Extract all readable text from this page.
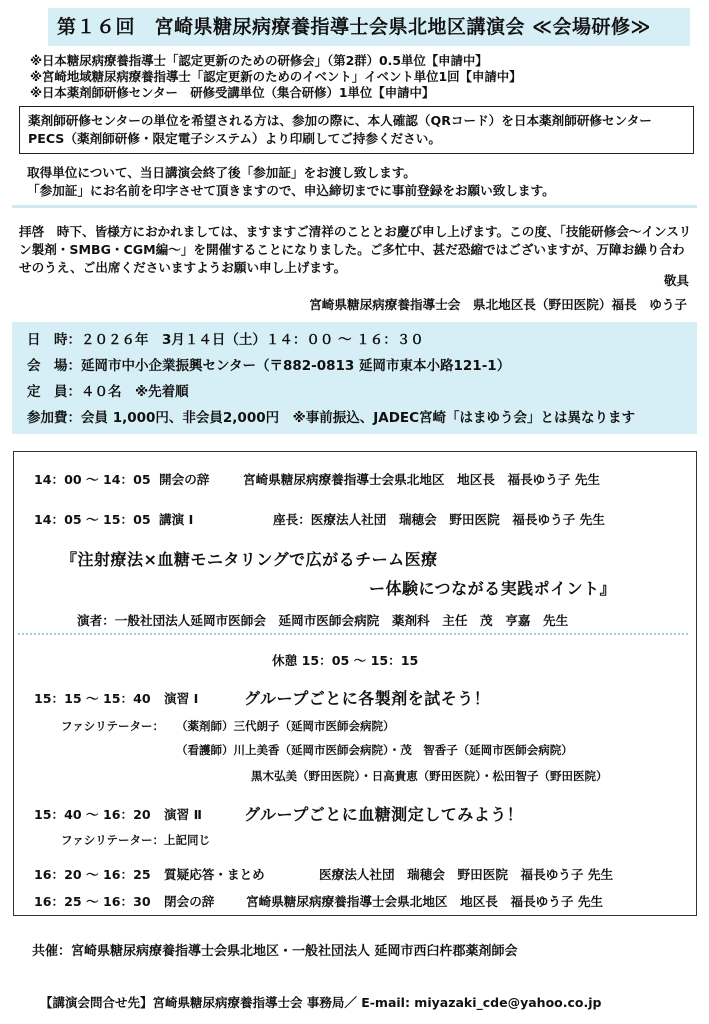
第１６回　宮崎県糖尿病療養指導士会県北地区講演会 ≪会場研修≫
※日本糖尿病療養指導士「認定更新のための研修会」（第2群）0.5単位【申請中】
※宮崎地域糖尿病療養指導士「認定更新のためのイベント」イベント単位1回【申請中】
※日本薬剤師研修センター　研修受講単位（集合研修）1単位【申請中】
薬剤師研修センターの単位を希望される方は、参加の際に、本人確認（QRコード）を日本薬剤師研修センターPECS（薬剤師研修・限定電子システム）より印刷してご持参ください。
取得単位について、当日講演会終了後「参加証」をお渡し致します。
「参加証」にお名前を印字させて頂きますので、申込締切までに事前登録をお願い致します。
拝啓　時下、皆様方におかれましては、ますますご清祥のこととお慶び申し上げます。この度、「技能研修会～インスリン製剤・SMBG・CGM編～」を開催することになりました。ご多忙中、甚だ恐縮ではございますが、万障お繰り合わせのうえ、ご出席くださいますようお願い申し上げます。
敬具
宮崎県糖尿病療養指導士会　県北地区長（野田医院）福長　ゆう子
日　時：２０２６年　3月１４日（土）１４：００ ～ １６：３０
会　場：延岡市中小企業振興センター（〒882-0813 延岡市東本小路121-1）
定　員：４０名　※先着順
参加費：会員 1,000円、非会員2,000円　※事前振込、JADEC宮崎「はまゆう会」とは異なります
14：00 ～ 14：05 開会の辞	宮崎県糖尿病療養指導士会県北地区　地区長　福長ゆう子 先生
14：05 ～ 15：05 講演 Ⅰ	座長：医療法人社団　瑞穂会　野田医院　福長ゆう子 先生
『注射療法×血糖モニタリングで広がるチーム医療
ー体験につながる実践ポイント』
演者：一般社団法人延岡市医師会　延岡市医師会病院　薬剤科　主任　茂　亨嘉　先生
休憩 15：05 ～ 15：15
15：15 ～ 15：40 演習 Ⅰ	グループごとに各製剤を試そう！
ファシリテーター： （薬剤師）三代朗子（延岡市医師会病院）
（看護師）川上美香（延岡市医師会病院）・茂　智香子（延岡市医師会病院）
黒木弘美（野田医院）・日高貴恵（野田医院）・松田智子（野田医院）
15：40 ～ 16：20 演習 Ⅱ	グループごとに血糖測定してみよう！
ファシリテーター：上記同じ
16：20 ～ 16：25 質疑応答・まとめ	医療法人社団　瑞穂会　野田医院　福長ゆう子 先生
16：25 ～ 16：30 閉会の辞	宮崎県糖尿病療養指導士会県北地区　地区長　福長ゆう子 先生
共催：宮崎県糖尿病療養指導士会県北地区・一般社団法人 延岡市西臼杵郡薬剤師会
【講演会問合せ先】宮崎県糖尿病療養指導士会 事務局／ E-mail: miyazaki_cde@yahoo.co.jp
